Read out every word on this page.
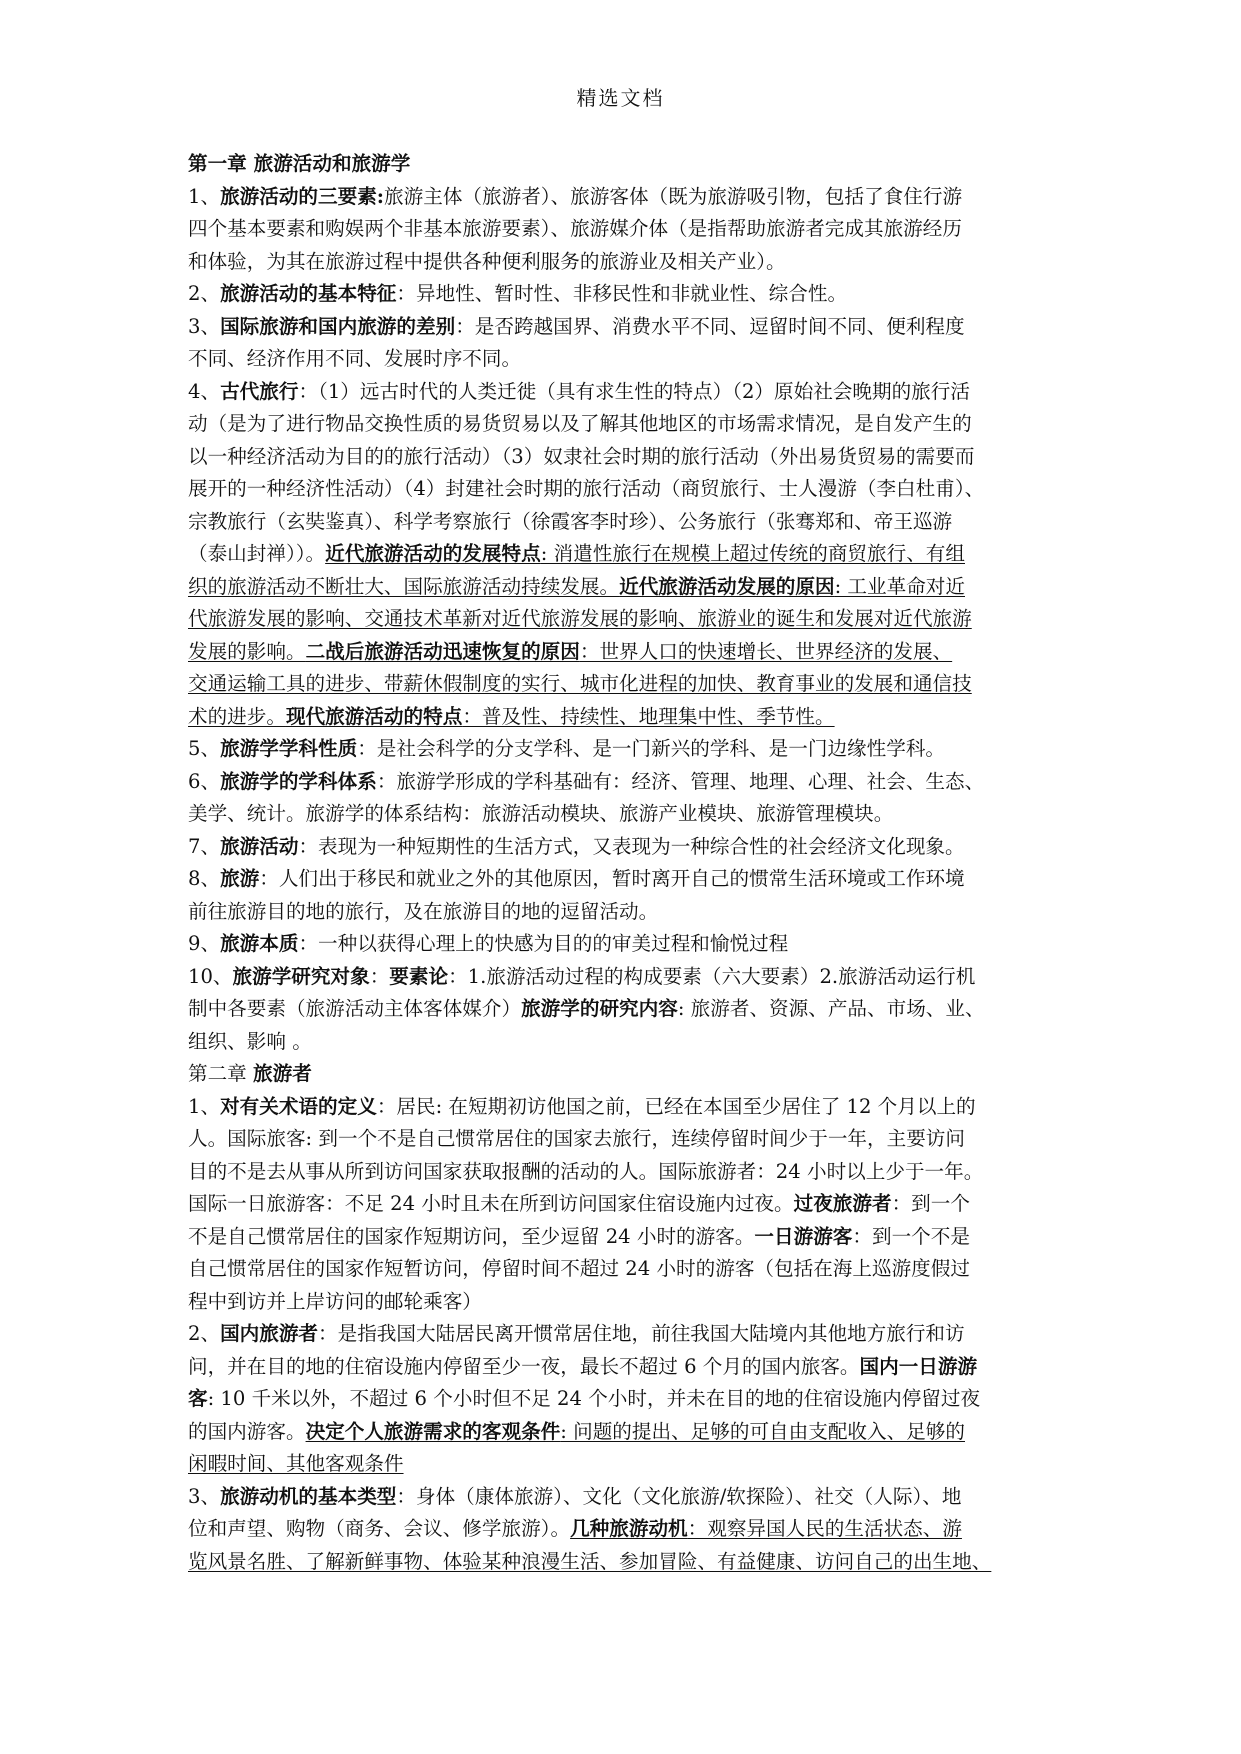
精选文档
第一章 旅游活动和旅游学
1、旅游活动的三要素:旅游主体（旅游者）、旅游客体（既为旅游吸引物，包括了食住行游
四个基本要素和购娱两个非基本旅游要素）、旅游媒介体（是指帮助旅游者完成其旅游经历
和体验，为其在旅游过程中提供各种便利服务的旅游业及相关产业）。
2、旅游活动的基本特征：异地性、暂时性、非移民性和非就业性、综合性。
3、国际旅游和国内旅游的差别：是否跨越国界、消费水平不同、逗留时间不同、便利程度
不同、经济作用不同、发展时序不同。
4、古代旅行：（1）远古时代的人类迁徙（具有求生性的特点）（2）原始社会晚期的旅行活
动（是为了进行物品交换性质的易货贸易以及了解其他地区的市场需求情况，是自发产生的
以一种经济活动为目的的旅行活动）（3）奴隶社会时期的旅行活动（外出易货贸易的需要而
展开的一种经济性活动）（4）封建社会时期的旅行活动（商贸旅行、士人漫游（李白杜甫）、
宗教旅行（玄奘鉴真）、科学考察旅行（徐霞客李时珍）、公务旅行（张骞郑和、帝王巡游
（泰山封禅））。近代旅游活动的发展特点: 消遣性旅行在规模上超过传统的商贸旅行、有组
织的旅游活动不断壮大、国际旅游活动持续发展。近代旅游活动发展的原因: 工业革命对近
代旅游发展的影响、交通技术革新对近代旅游发展的影响、旅游业的诞生和发展对近代旅游
发展的影响。二战后旅游活动迅速恢复的原因：世界人口的快速增长、世界经济的发展、
交通运输工具的进步、带薪休假制度的实行、城市化进程的加快、教育事业的发展和通信技
术的进步。现代旅游活动的特点：普及性、持续性、地理集中性、季节性。
5、旅游学学科性质：是社会科学的分支学科、是一门新兴的学科、是一门边缘性学科。
6、旅游学的学科体系：旅游学形成的学科基础有：经济、管理、地理、心理、社会、生态、
美学、统计。旅游学的体系结构：旅游活动模块、旅游产业模块、旅游管理模块。
7、旅游活动：表现为一种短期性的生活方式，又表现为一种综合性的社会经济文化现象。
8、旅游：人们出于移民和就业之外的其他原因，暂时离开自己的惯常生活环境或工作环境
前往旅游目的地的旅行，及在旅游目的地的逗留活动。
9、旅游本质：一种以获得心理上的快感为目的的审美过程和愉悦过程
10、旅游学研究对象：要素论：1.旅游活动过程的构成要素（六大要素）2.旅游活动运行机
制中各要素（旅游活动主体客体媒介）旅游学的研究内容: 旅游者、资源、产品、市场、业、
组织、影响 。
第二章 旅游者
1、对有关术语的定义：居民: 在短期初访他国之前，已经在本国至少居住了 12 个月以上的
人。国际旅客: 到一个不是自己惯常居住的国家去旅行，连续停留时间少于一年，主要访问
目的不是去从事从所到访问国家获取报酬的活动的人。国际旅游者：24 小时以上少于一年。
国际一日旅游客：不足 24 小时且未在所到访问国家住宿设施内过夜。过夜旅游者：到一个
不是自己惯常居住的国家作短期访问，至少逗留 24 小时的游客。一日游游客：到一个不是
自己惯常居住的国家作短暂访问，停留时间不超过 24 小时的游客（包括在海上巡游度假过
程中到访并上岸访问的邮轮乘客）
2、国内旅游者：是指我国大陆居民离开惯常居住地，前往我国大陆境内其他地方旅行和访
问，并在目的地的住宿设施内停留至少一夜，最长不超过 6 个月的国内旅客。国内一日游游
客: 10 千米以外，不超过 6 个小时但不足 24 个小时，并未在目的地的住宿设施内停留过夜
的国内游客。决定个人旅游需求的客观条件: 问题的提出、足够的可自由支配收入、足够的
闲暇时间、其他客观条件
3、旅游动机的基本类型：身体（康体旅游）、文化（文化旅游/软探险）、社交（人际）、地
位和声望、购物（商务、会议、修学旅游）。几种旅游动机：观察异国人民的生活状态、游
览风景名胜、了解新鲜事物、体验某种浪漫生活、参加冒险、有益健康、访问自己的出生地、
